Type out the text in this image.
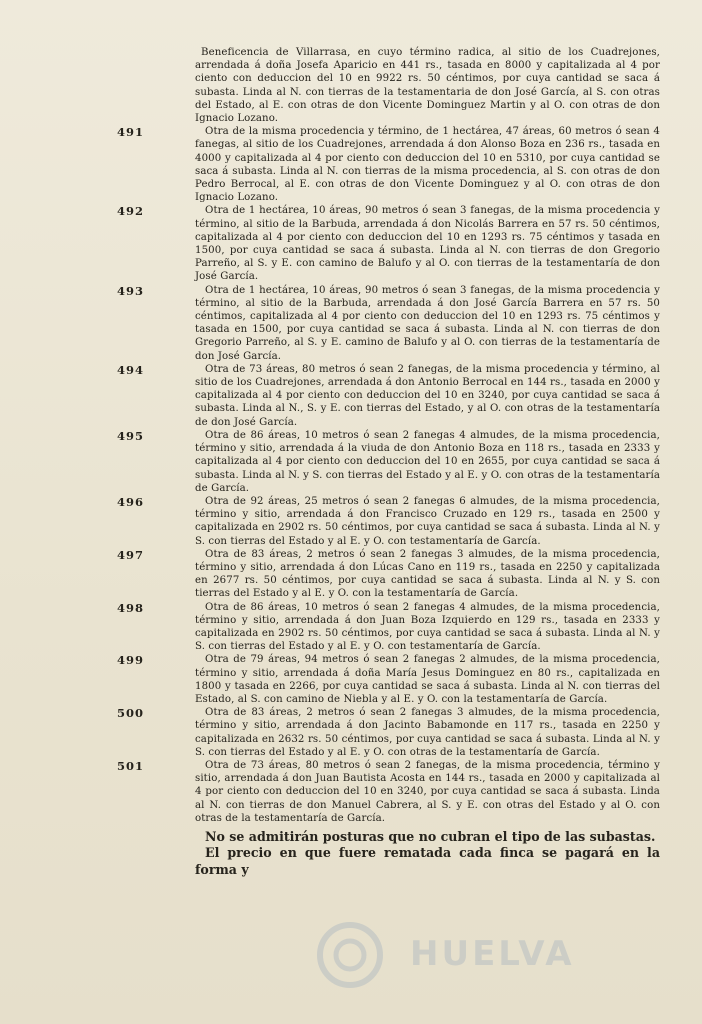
HUELVA

Beneficencia de Villarrasa, en cuyo término radica, al sitio de los Cuadrejones, arrendada á doña Josefa Aparicio en 441 rs., tasada en 8000 y capitalizada al 4 por ciento con deduccion del 10 en 9922 rs. 50 céntimos, por cuya cantidad se saca á subasta. Linda al N. con tierras de la testamentaria de don José García, al S. con otras del Estado, al E. con otras de don Vicente Dominguez Martin y al O. con otras de don Ignacio Lozano.

491	Otra de la misma procedencia y término, de 1 hectárea, 47 áreas, 60 metros ó sean 4 fanegas, al sitio de los Cuadrejones, arrendada á don Alonso Boza en 236 rs., tasada en 4000 y capitalizada al 4 por ciento con deduccion del 10 en 5310, por cuya cantidad se saca á subasta. Linda al N. con tierras de la misma procedencia, al S. con otras de don Pedro Berrocal, al E. con otras de don Vicente Dominguez y al O. con otras de don Ignacio Lozano.

492	Otra de 1 hectárea, 10 áreas, 90 metros ó sean 3 fanegas, de la misma procedencia y término, al sitio de la Barbuda, arrendada á don Nicolás Barrera en 57 rs. 50 céntimos, capitalizada al 4 por ciento con deduccion del 10 en 1293 rs. 75 céntimos y tasada en 1500, por cuya cantidad se saca á subasta. Linda al N. con tierras de don Gregorio Parreño, al S. y E. con camino de Balufo y al O. con tierras de la testamentaría de don José García.

493	Otra de 1 hectárea, 10 áreas, 90 metros ó sean 3 fanegas, de la misma procedencia y término, al sitio de la Barbuda, arrendada á don José García Barrera en 57 rs. 50 céntimos, capitalizada al 4 por ciento con deduccion del 10 en 1293 rs. 75 céntimos y tasada en 1500, por cuya cantidad se saca á subasta. Linda al N. con tierras de don Gregorio Parreño, al S. y E. camino de Balufo y al O. con tierras de la testamentaría de don José García.

494	Otra de 73 áreas, 80 metros ó sean 2 fanegas, de la misma procedencia y término, al sitio de los Cuadrejones, arrendada á don Antonio Berrocal en 144 rs., tasada en 2000 y capitalizada al 4 por ciento con deduccion del 10 en 3240, por cuya cantidad se saca á subasta. Linda al N., S. y E. con tierras del Estado, y al O. con otras de la testamentaría de don José García.

495	Otra de 86 áreas, 10 metros ó sean 2 fanegas 4 almudes, de la misma procedencia, término y sitio, arrendada á la viuda de don Antonio Boza en 118 rs., tasada en 2333 y capitalizada al 4 por ciento con deduccion del 10 en 2655, por cuya cantidad se saca á subasta. Linda al N. y S. con tierras del Estado y al E. y O. con otras de la testamentaría de García.

496	Otra de 92 áreas, 25 metros ó sean 2 fanegas 6 almudes, de la misma procedencia, término y sitio, arrendada á don Francisco Cruzado en 129 rs., tasada en 2500 y capitalizada en 2902 rs. 50 céntimos, por cuya cantidad se saca á subasta. Linda al N. y S. con tierras del Estado y al E. y O. con testamentaría de García.

497	Otra de 83 áreas, 2 metros ó sean 2 fanegas 3 almudes, de la misma procedencia, término y sitio, arrendada á don Lúcas Cano en 119 rs., tasada en 2250 y capitalizada en 2677 rs. 50 céntimos, por cuya cantidad se saca á subasta. Linda al N. y S. con tierras del Estado y al E. y O. con la testamentaría de García.

498	Otra de 86 áreas, 10 metros ó sean 2 fanegas 4 almudes, de la misma procedencia, término y sitio, arrendada á don Juan Boza Izquierdo en 129 rs., tasada en 2333 y capitalizada en 2902 rs. 50 céntimos, por cuya cantidad se saca á subasta. Linda al N. y S. con tierras del Estado y al E. y O. con testamentaría de García.

499	Otra de 79 áreas, 94 metros ó sean 2 fanegas 2 almudes, de la misma procedencia, término y sitio, arrendada á doña María Jesus Dominguez en 80 rs., capitalizada en 1800 y tasada en 2266, por cuya cantidad se saca á subasta. Linda al N. con tierras del Estado, al S. con camino de Niebla y al E. y O. con la testamentaría de García.

500	Otra de 83 áreas, 2 metros ó sean 2 fanegas 3 almudes, de la misma procedencia, término y sitio, arrendada á don Jacinto Babamonde en 117 rs., tasada en 2250 y capitalizada en 2632 rs. 50 céntimos, por cuya cantidad se saca á subasta. Linda al N. y S. con tierras del Estado y al E. y O. con otras de la testamentaría de García.

501	Otra de 73 áreas, 80 metros ó sean 2 fanegas, de la misma procedencia, término y sitio, arrendada á don Juan Bautista Acosta en 144 rs., tasada en 2000 y capitalizada al 4 por ciento con deduccion del 10 en 3240, por cuya cantidad se saca á subasta. Linda al N. con tierras de don Manuel Cabrera, al S. y E. con otras del Estado y al O. con otras de la testamentaría de García.

No se admitirán posturas que no cubran el tipo de las subastas.

El precio en que fuere rematada cada finca se pagará en la forma y
